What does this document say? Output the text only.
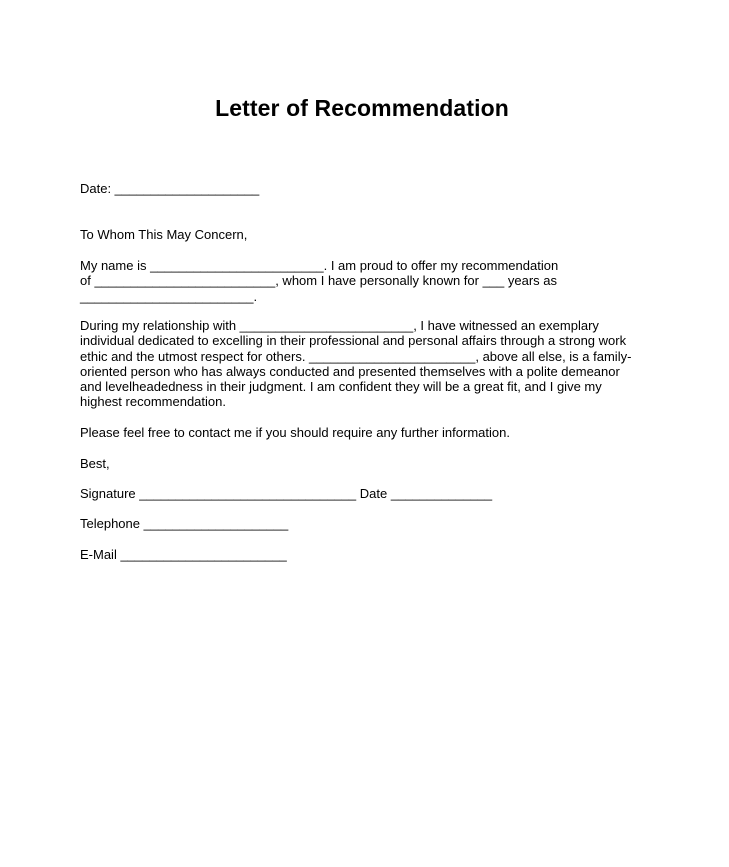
Letter of Recommendation

Date: ____________________

To Whom This May Concern,

My name is ________________________. I am proud to offer my recommendation
of _________________________, whom I have personally known for ___ years as
________________________.
During my relationship with ________________________, I have witnessed an exemplary
individual dedicated to excelling in their professional and personal affairs through a strong work
ethic and the utmost respect for others. _______________________, above all else, is a family-
oriented person who has always conducted and presented themselves with a polite demeanor
and levelheadedness in their judgment. I am confident they will be a great fit, and I give my
highest recommendation.

Please feel free to contact me if you should require any further information.

Best,

Signature ______________________________ Date ______________

Telephone ____________________

E-Mail _______________________
